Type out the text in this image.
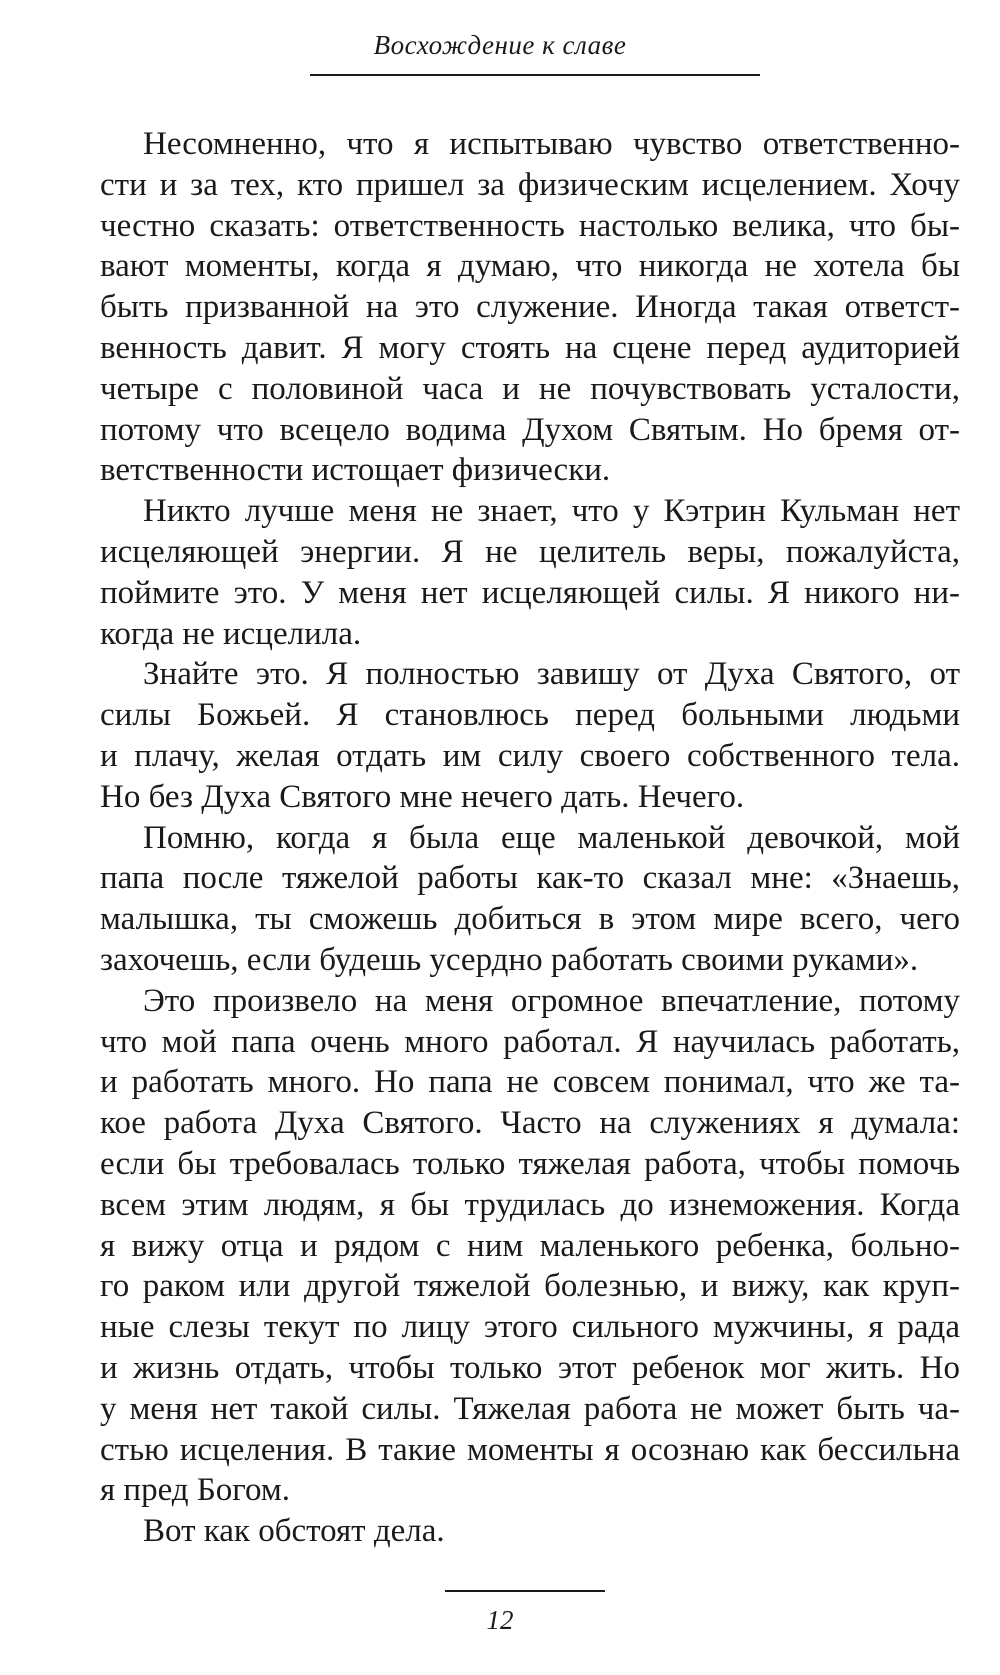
Восхождение к славе
Несомненно, что я испытываю чувство ответственно-
сти и за тех, кто пришел за физическим исцелением. Хочу
честно сказать: ответственность настолько велика, что бы-
вают моменты, когда я думаю, что никогда не хотела бы
быть призванной на это служение. Иногда такая ответст-
венность давит. Я могу стоять на сцене перед аудиторией
четыре с половиной часа и не почувствовать усталости,
потому что всецело водима Духом Святым. Но бремя от-
ветственности истощает физически.
Никто лучше меня не знает, что у Кэтрин Кульман нет
исцеляющей энергии. Я не целитель веры, пожалуйста,
поймите это. У меня нет исцеляющей силы. Я никого ни-
когда не исцелила.
Знайте это. Я полностью завишу от Духа Святого, от
силы Божьей. Я становлюсь перед больными людьми
и плачу, желая отдать им силу своего собственного тела.
Но без Духа Святого мне нечего дать. Нечего.
Помню, когда я была еще маленькой девочкой, мой
папа после тяжелой работы как-то сказал мне: «Знаешь,
малышка, ты сможешь добиться в этом мире всего, чего
захочешь, если будешь усердно работать своими руками».
Это произвело на меня огромное впечатление, потому
что мой папа очень много работал. Я научилась работать,
и работать много. Но папа не совсем понимал, что же та-
кое работа Духа Святого. Часто на служениях я думала:
если бы требовалась только тяжелая работа, чтобы помочь
всем этим людям, я бы трудилась до изнеможения. Когда
я вижу отца и рядом с ним маленького ребенка, больно-
го раком или другой тяжелой болезнью, и вижу, как круп-
ные слезы текут по лицу этого сильного мужчины, я рада
и жизнь отдать, чтобы только этот ребенок мог жить. Но
у меня нет такой силы. Тяжелая работа не может быть ча-
стью исцеления. В такие моменты я осознаю как бессильна
я пред Богом.
Вот как обстоят дела.
12
